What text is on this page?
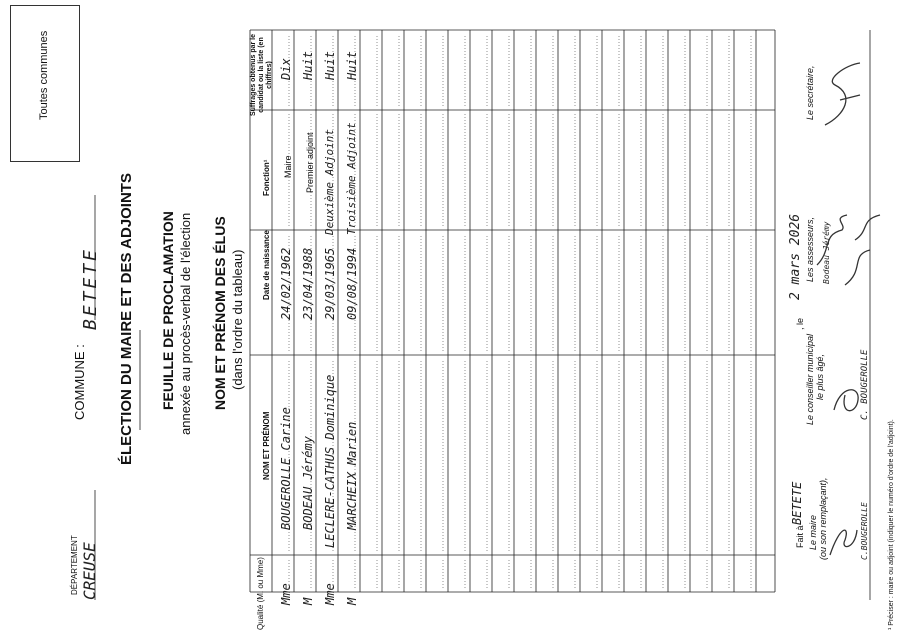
Toutes communes
DÉPARTEMENT CREUSE
COMMUNE :
BETETE ÉLECTION DU MAIRE ET DES ADJOINTS FEUILLE DE PROCLAMATION annexée au procès-verbal de l'élection NOM ET PRÉNOM DES ÉLUS (dans l'ordre du tableau)
Qualité (M. ou Mme)
NOM ET PRÉNOM
Date de naissance
Fonction¹
Suffrages obtenus par le candidat ou la liste (en chiffres)
Maire Premier adjoint
Mme
BOUGEROLLE Carine
24/02/1962
Dix
M
BODEAU Jérémy
23/04/1988
Huit
Mme
LECLERE-CATHUS Dominique
29/03/1965
Deuxième Adjoint
Huit
M
MARCHEIX Marien
09/08/1994
Troisième Adjoint
Huit
Fait à
BETETE
, le
2 mars 2026
Le maire (ou son remplaçant),
Le conseiller municipal le plus âgé,
Les assesseurs,
Le secrétaire,
C.BOUGEROLLE
C. BOUGEROLLE
Bodeau Jérémy
¹ Préciser : maire ou adjoint (indiquer le numéro d'ordre de l'adjoint).
